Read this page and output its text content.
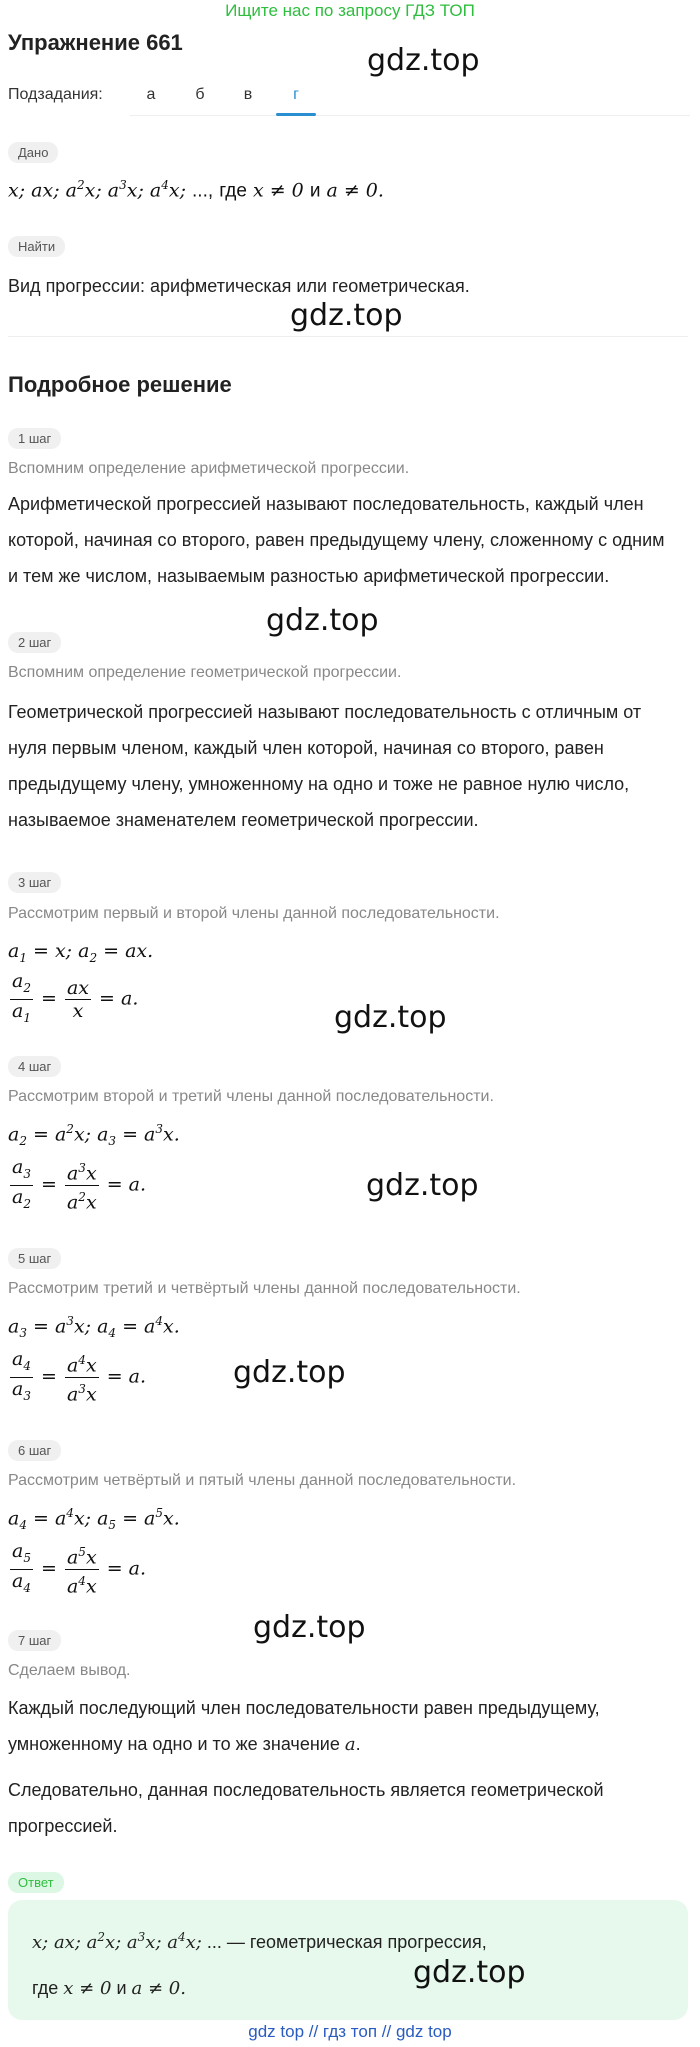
Ищите нас по запросу ГДЗ ТОП
Упражнение 661
gdz.top
Подзадания:	а	б	в	г
Дано
x; ax; $a^2x$; $a^3x$; $a^4x$; ..., где x ≠ 0 и a ≠ 0.
Найти
Вид прогрессии: арифметическая или геометрическая.
gdz.top
Подробное решение
1 шаг
Вспомним определение арифметической прогрессии.
Арифметической прогрессией называют последовательность, каждый член
которой, начиная со второго, равен предыдущему члену, сложенному с одним
и тем же числом, называемым разностью арифметической прогрессии.
gdz.top
2 шаг
Вспомним определение геометрической прогрессии.
Геометрической прогрессией называют последовательность с отличным от
нуля первым членом, каждый член которой, начиная со второго, равен
предыдущему члену, умноженному на одно и тоже не равное нулю число,
называемое знаменателем геометрической прогрессии.
3 шаг
Рассмотрим первый и второй члены данной последовательности.
$a_1 = x$; $a_2$ = ax.
$\frac{a_2}{a_1} = \frac{ax}{x} = a$.
gdz.top
4 шаг
Рассмотрим второй и третий члены данной последовательности.
$a_2 = a^2x$; $a_3 = a^3x$.
$\frac{a_3}{a_2} = \frac{a^3x}{a^2x} = a$.	gdz.top
5 шаг
Рассмотрим третий и четвёртый члены данной последовательности.
$a_3 = a^3x$; $a_4 = a^4x$.
$\frac{a_4}{a_3} = \frac{a^4x}{a^3x} = a$.	gdz.top
6 шаг
Рассмотрим четвёртый и пятый члены данной последовательности.
$a_4 = a^4x$; $a_5 = a^5x$.
$\frac{a_5}{a_4} = \frac{a^5x}{a^4x} = a$.
gdz.top
7 шаг
Сделаем вывод.
Каждый последующий член последовательности равен предыдущему,
умноженному на одно и то же значение a.
Следовательно, данная последовательность является геометрической
прогрессией.
Ответ
x; ax; $a^2x$; $a^3x$; $a^4x$; ... — геометрическая прогрессия,
где x ≠ 0 и a ≠ 0.	gdz.top
gdz top // гдз топ // gdz top
